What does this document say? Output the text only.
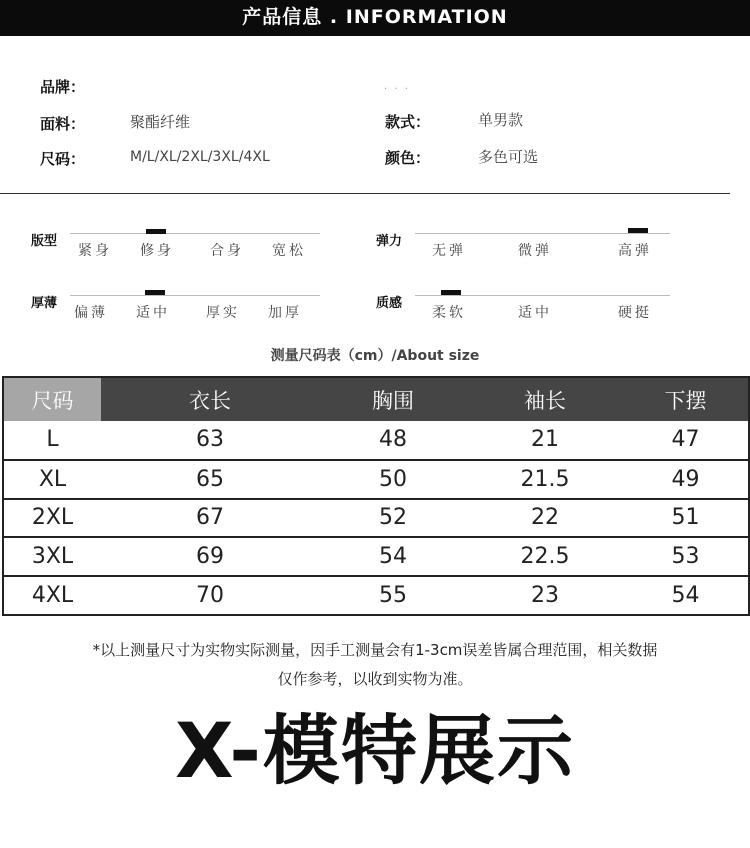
产品信息 . INFORMATION
品牌：	· · ·
面料：	聚酯纤维	款式：	单男款
尺码：	M/L/XL/2XL/3XL/4XL	颜色：	多色可选
版型
紧身 修身	合身 宽松
厚薄
偏薄 适中	厚实 加厚
弹力
无弹	微弹	高弹
质感
柔软	适中	硬挺
测量尺码表（cm）/About size
尺码	衣长	胸围	袖长	下摆
L	63	48	21	47
XL	65	50	21.5	49
2XL	67	52	22	51
3XL	69	54	22.5	53
4XL	70	55	23	54
*以上测量尺寸为实物实际测量，因手工测量会有1-3cm误差皆属合理范围，相关数据
仅作参考，以收到实物为准。
X-模特展示
